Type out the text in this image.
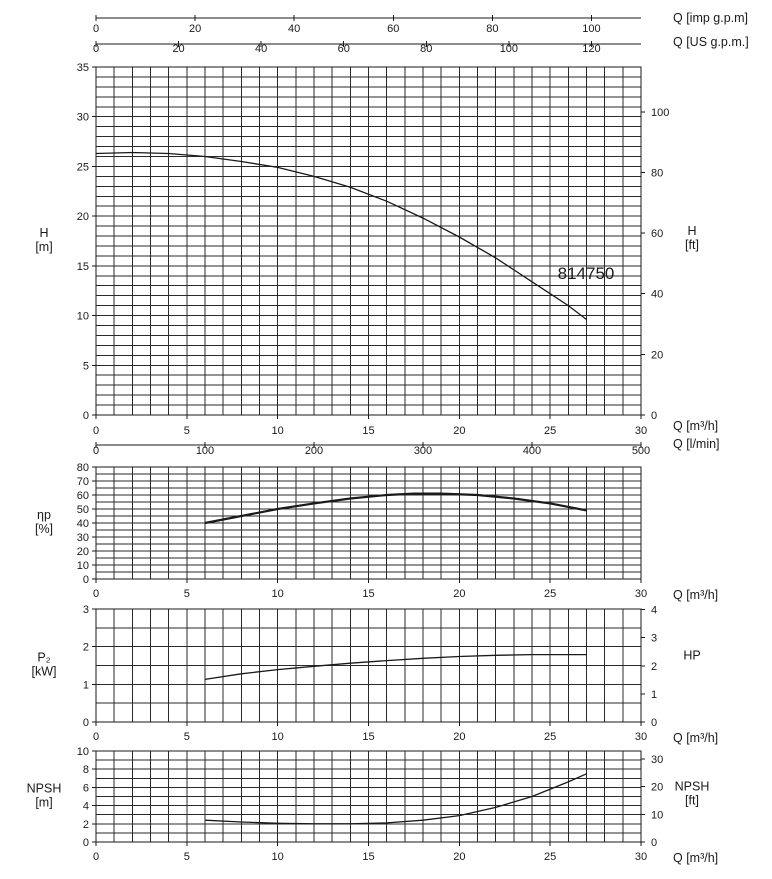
0	20	40	60	80	100
Q [imp g.p.m]
0	20	40	60	80	100	120	Q [US g.p.m.]
0
5
10
15
20
25
30
35
H
[m]
0
20
40
60
80
100
H
[ft]
0	5	10	15	20	25	30 Q [m³/h]
0	100	200	300	400	500 Q [l/min]
814750
0
10
20
30
40
50
60
70
80
ηp
[%]
0	5	10	15	20	25	30 Q [m³/h]
0
1
2
3
P₂
[kW]
0
1
2
3
4
HP
0	5	10	15	20	25	30 Q [m³/h]
0
2
4
6
8
10
NPSH
[m]
0
10
20
30
NPSH
[ft]
0	5	10	15	20	25	30 Q [m³/h]
